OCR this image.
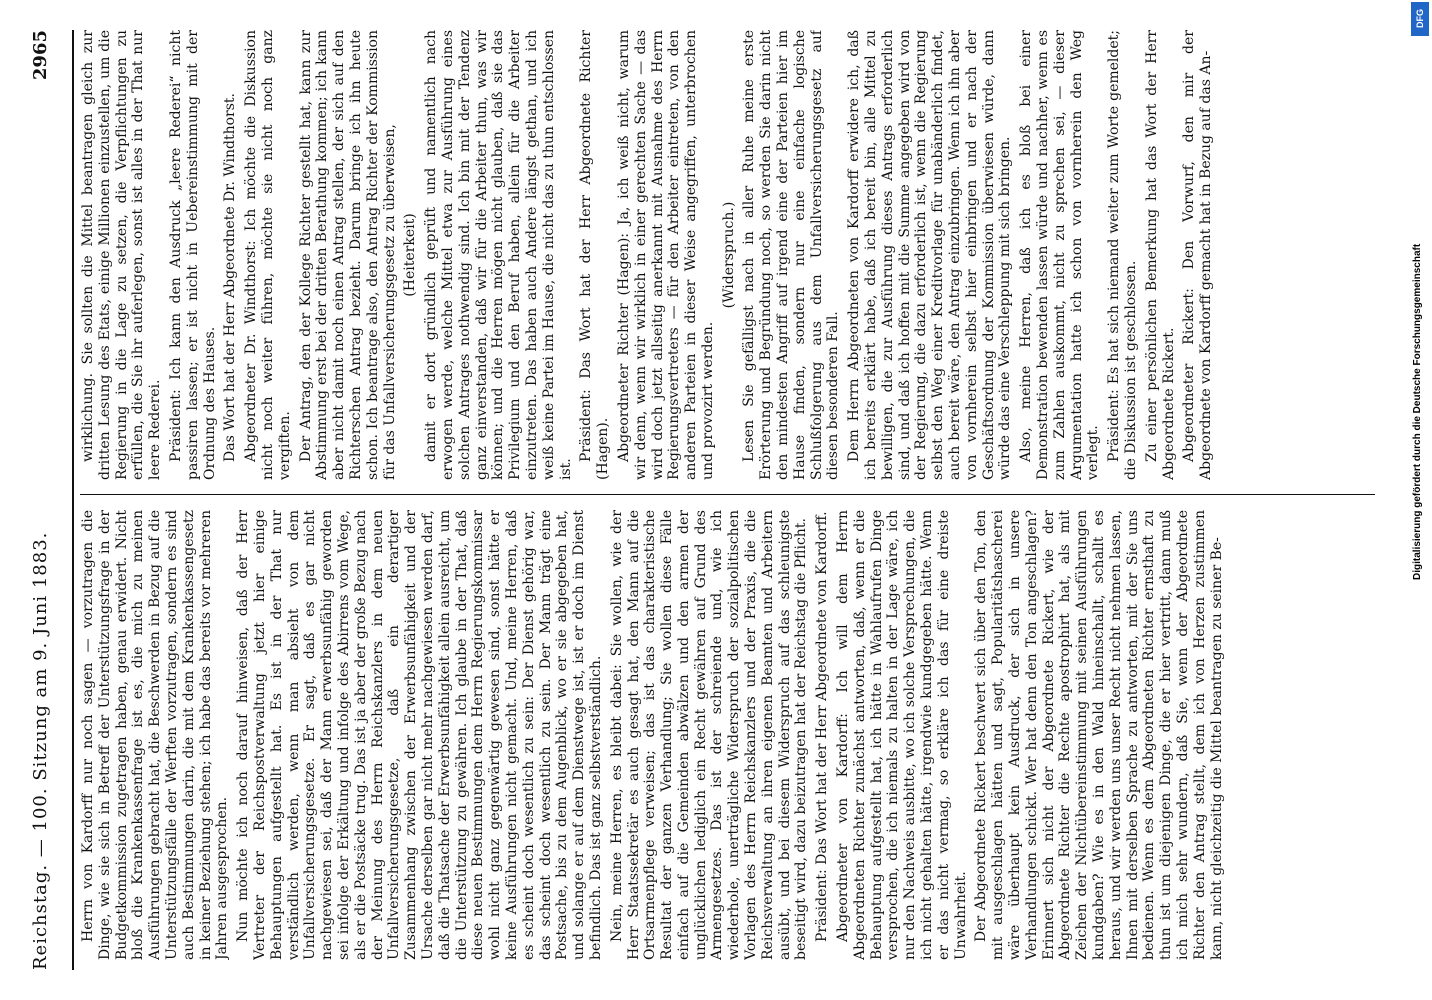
Reichstag. — 100. Sitzung am 9. Juni 1883.
2965

Herrn von Kardorff nur noch sagen — vorzutragen die Dinge, wie sie sich in Betreff der Unterstützungsfrage in der Budgetkommission zugetragen haben, genau erwidert. Nicht bloß die Krankenkassenfrage ist es, die mich zu meinen Ausführungen gebracht hat, die Beschwerden in Bezug auf die Unterstützungsfälle der Werften vorzutragen, sondern es sind auch Bestimmungen darin, die mit dem Krankenkassengesetz in keiner Beziehung stehen; ich habe das bereits vor mehreren Jahren ausgesprochen. Nun möchte ich noch darauf hinweisen, daß der Herr Vertreter der Reichspostverwaltung jetzt hier einige Behauptungen aufgestellt hat. Es ist in der That nur verständlich werden, wenn man absieht von dem Unfallversicherungsgesetze. Er sagt, daß es gar nicht nachgewiesen sei, daß der Mann erwerbsunfähig geworden sei infolge der Erkältung und infolge des Abirrens vom Wege, als er die Postsäcke trug. Das ist ja aber der große Bezug nach der Meinung des Herrn Reichskanzlers in dem neuen Unfallversicherungsgesetze, daß ein derartiger Zusammenhang zwischen der Erwerbsunfähigkeit und der Ursache derselben gar nicht mehr nachgewiesen werden darf, daß die Thatsache der Erwerbsunfähigkeit allein ausreicht, um die Unterstützung zu gewähren. Ich glaube in der That, daß diese neuen Bestimmungen dem Herrn Regierungskommissar wohl nicht ganz gegenwärtig gewesen sind, sonst hätte er keine Ausführungen nicht gemacht. Und, meine Herren, daß es scheint doch wesentlich zu sein: Der Dienst gehörig war, das scheint doch wesentlich zu sein. Der Mann trägt eine Postsache, bis zu dem Augenblick, wo er sie abgegeben hat, und solange er auf dem Dienstwege ist, ist er doch im Dienst befindlich. Das ist ganz selbstverständlich. Nein, meine Herren, es bleibt dabei: Sie wollen, wie der Herr Staatssekretär es auch gesagt hat, den Mann auf die Ortsarmenpflege verweisen; das ist das charakteristische Resultat der ganzen Verhandlung; Sie wollen diese Fälle einfach auf die Gemeinden abwälzen und den armen der unglücklichen lediglich ein Recht gewähren auf Grund des Armengesetzes. Das ist der schreiende und, wie ich wiederhole, unerträgliche Widerspruch der sozialpolitischen Vorlagen des Herrn Reichskanzlers und der Praxis, die die Reichsverwaltung an ihren eigenen Beamten und Arbeitern ausübt, und bei diesem Widerspruch auf das schleunigste beseitigt wird, dazu beizutragen hat der Reichstag die Pflicht. Präsident: Das Wort hat der Herr Abgeordnete von Kardorff. Abgeordneter von Kardorff: Ich will dem Herrn Abgeordneten Richter zunächst antworten, daß, wenn er die Behauptung aufgestellt hat, ich hätte in Wahlaufrufen Dinge versprochen, die ich niemals zu halten in der Lage wäre, ich nur den Nachweis ausbitte, wo ich solche Versprechungen, die ich nicht gehalten hätte, irgendwie kundgegeben hätte. Wenn er das nicht vermag, so erkläre ich das für eine dreiste Unwahrheit. Der Abgeordnete Rickert beschwert sich über den Ton, den mit ausgeschlagen hätten und sagt, Popularitätshascherei wäre überhaupt kein Ausdruck, der sich in unsere Verhandlungen schickt. Wer hat denn den Ton angeschlagen? Erinnert sich nicht der Abgeordnete Rickert, wie der Abgeordnete Richter die Rechte apostrophirt hat, als mit Zeichen der Nichtübereinstimmung mit seinen Ausführungen kundgaben? Wie es in den Wald hineinschallt, schallt es heraus, und wir werden uns unser Recht nicht nehmen lassen, Ihnen mit derselben Sprache zu antworten, mit der Sie uns bedienen. Wenn es dem Abgeordneten Richter ernsthaft zu thun ist um diejenigen Dinge, die er hier vertritt, dann muß ich mich sehr wundern, daß Sie, wenn der Abgeordnete Richter den Antrag stellt, dem ich von Herzen zustimmen kann, nicht gleichzeitig die Mittel beantragen zu seiner Be-

wirklichung. Sie sollten die Mittel beantragen gleich zur dritten Lesung des Etats, einige Millionen einzustellen, um die Regierung in die Lage zu setzen, die Verpflichtungen zu erfüllen, die Sie ihr auferlegen, sonst ist alles in der That nur leere Rederei. Präsident: Ich kann den Ausdruck „leere Rederei“ nicht passiren lassen; er ist nicht in Uebereinstimmung mit der Ordnung des Hauses. Das Wort hat der Herr Abgeordnete Dr. Windthorst. Abgeordneter Dr. Windthorst: Ich möchte die Diskussion nicht noch weiter führen, möchte sie nicht noch ganz vergiften. Der Antrag, den der Kollege Richter gestellt hat, kann zur Abstimmung erst bei der dritten Berathung kommen; ich kann aber nicht damit noch einen Antrag stellen, der sich auf den Richterschen Antrag bezieht. Darum bringe ich ihn heute schon. Ich beantrage also, den Antrag Richter der Kommission für das Unfallversicherungsgesetz zu überweisen, (Heiterkeit) damit er dort gründlich geprüft und namentlich nach erwogen werde, welche Mittel etwa zur Ausführung eines solchen Antrages nothwendig sind. Ich bin mit der Tendenz ganz einverstanden, daß wir für die Arbeiter thun, was wir können; und die Herren mögen nicht glauben, daß sie das Privilegium und den Beruf haben, allein für die Arbeiter einzutreten. Das haben auch Andere längst gethan, und ich weiß keine Partei im Hause, die nicht das zu thun entschlossen ist.

Präsident: Das Wort hat der Herr Abgeordnete Richter (Hagen). Abgeordneter Richter (Hagen): Ja, ich weiß nicht, warum wir denn, wenn wir wirklich in einer gerechten Sache — das wird doch jetzt allseitig anerkannt mit Ausnahme des Herrn Regierungsvertreters — für den Arbeiter eintreten, von den anderen Parteien in dieser Weise angegriffen, unterbrochen und provozirt werden.

(Widerspruch.) Lesen Sie gefälligst nach in aller Ruhe meine erste Erörterung und Begründung noch, so werden Sie darin nicht den mindesten Angriff auf irgend eine der Parteien hier im Hause finden, sondern nur eine einfache logische Schlußfolgerung aus dem Unfallversicherungsgesetz auf diesen besonderen Fall. Dem Herrn Abgeordneten von Kardorff erwidere ich, daß ich bereits erklärt habe, daß ich bereit bin, alle Mittel zu bewilligen, die zur Ausführung dieses Antrags erforderlich sind, und daß ich hoffen mit die Summe angegeben wird von der Regierung, die dazu erforderlich ist, wenn die Regierung selbst den Weg einer Kreditvorlage für unabänderlich findet, auch bereit wäre, den Antrag einzubringen. Wenn ich ihn aber von vornherein selbst hier einbringen und er nach der Geschäftsordnung der Kommission überwiesen würde, dann würde das eine Verschleppung mit sich bringen. Also, meine Herren, daß ich es bloß bei einer Demonstration bewenden lassen würde und nachher, wenn es zum Zahlen auskommt, nicht zu sprechen sei, — dieser Argumentation hatte ich schon von vornherein den Weg verlegt. Präsident: Es hat sich niemand weiter zum Worte gemeldet; die Diskussion ist geschlossen. Zu einer persönlichen Bemerkung hat das Wort der Herr Abgeordnete Rickert. Abgeordneter Rickert: Den Vorwurf, den mir der Abgeordnete von Kardorff gemacht hat in Bezug auf das An-

DFG
Digitalisierung gefördert durch die Deutsche Forschungsgemeinschaft
